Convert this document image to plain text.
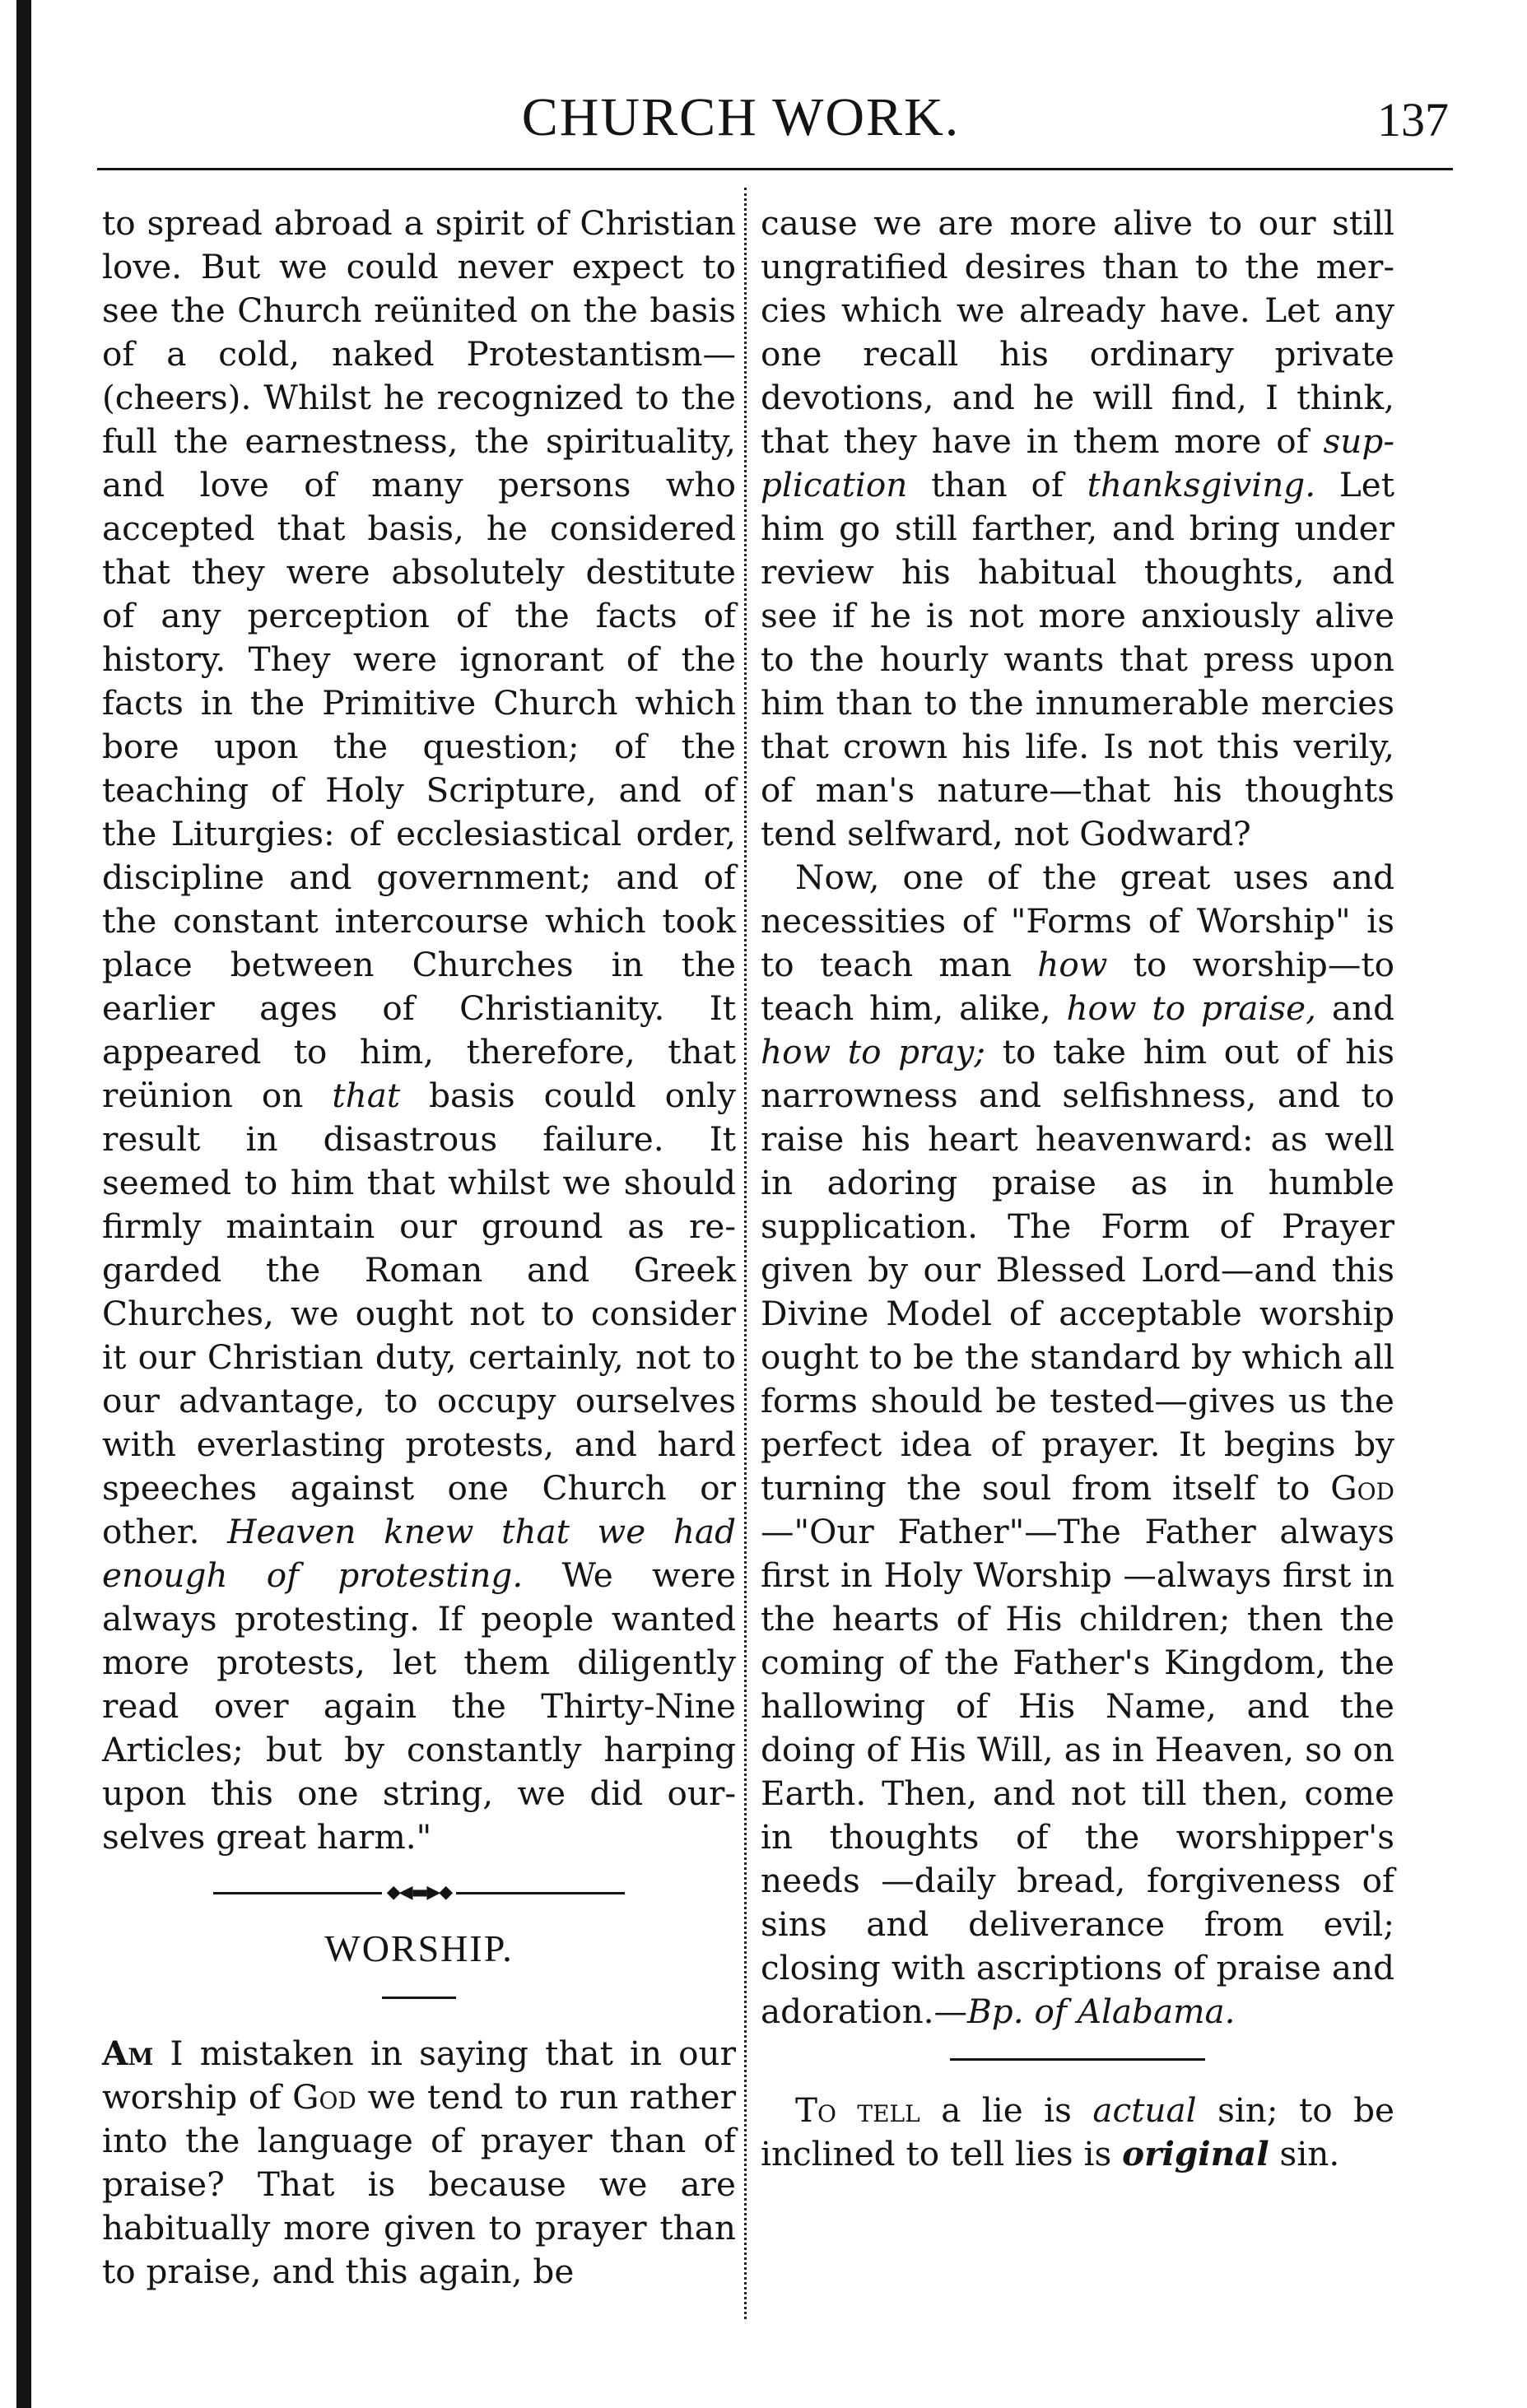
CHURCH WORK.	137

to spread abroad a spirit of Christian love. But we could never expect to see the Church reünited on the basis of a cold, naked Protestantism—(cheers). Whilst he recognized to the full the earnestness, the spirituality, and love of many persons who accepted that basis, he considered that they were absolutely destitute of any perception of the facts of history. They were ignorant of the facts in the Primitive Church which bore upon the question; of the teaching of Holy Scripture, and of the Liturgies: of ecclesiastical order, discipline and government; and of the constant intercourse which took place between Churches in the earlier ages of Christianity. It appeared to him, therefore, that reünion on that basis could only result in disastrous failure. It seemed to him that whilst we should firmly maintain our ground as regarded the Roman and Greek Churches, we ought not to consider it our Christian duty, certainly, not to our advantage, to occupy ourselves with everlasting protests, and hard speeches against one Church or other. Heaven knew that we had enough of protesting. We were always protesting. If people wanted more protests, let them diligently read over again the Thirty-Nine Articles; but by constantly harping upon this one string, we did ourselves great harm."

◆◀▬▶◆

WORSHIP.

Am I mistaken in saying that in our worship of God we tend to run rather into the language of prayer than of praise? That is because we are habitually more given to prayer than to praise, and this again, be

cause we are more alive to our still ungratified desires than to the mercies which we already have. Let any one recall his ordinary private devotions, and he will find, I think, that they have in them more of supplication than of thanksgiving. Let him go still farther, and bring under review his habitual thoughts, and see if he is not more anxiously alive to the hourly wants that press upon him than to the innumerable mercies that crown his life. Is not this verily, of man's nature—that his thoughts tend selfward, not Godward?

Now, one of the great uses and necessities of "Forms of Worship" is to teach man how to worship—to teach him, alike, how to praise, and how to pray; to take him out of his narrowness and selfishness, and to raise his heart heavenward: as well in adoring praise as in humble supplication. The Form of Prayer given by our Blessed Lord—and this Divine Model of acceptable worship ought to be the standard by which all forms should be tested—gives us the perfect idea of prayer. It begins by turning the soul from itself to God—"Our Father"—The Father always first in Holy Worship —always first in the hearts of His children; then the coming of the Father's Kingdom, the hallowing of His Name, and the doing of His Will, as in Heaven, so on Earth. Then, and not till then, come in thoughts of the worshipper's needs —daily bread, forgiveness of sins and deliverance from evil; closing with ascriptions of praise and adoration.—Bp. of Alabama.

To tell a lie is actual sin; to be inclined to tell lies is original sin.
